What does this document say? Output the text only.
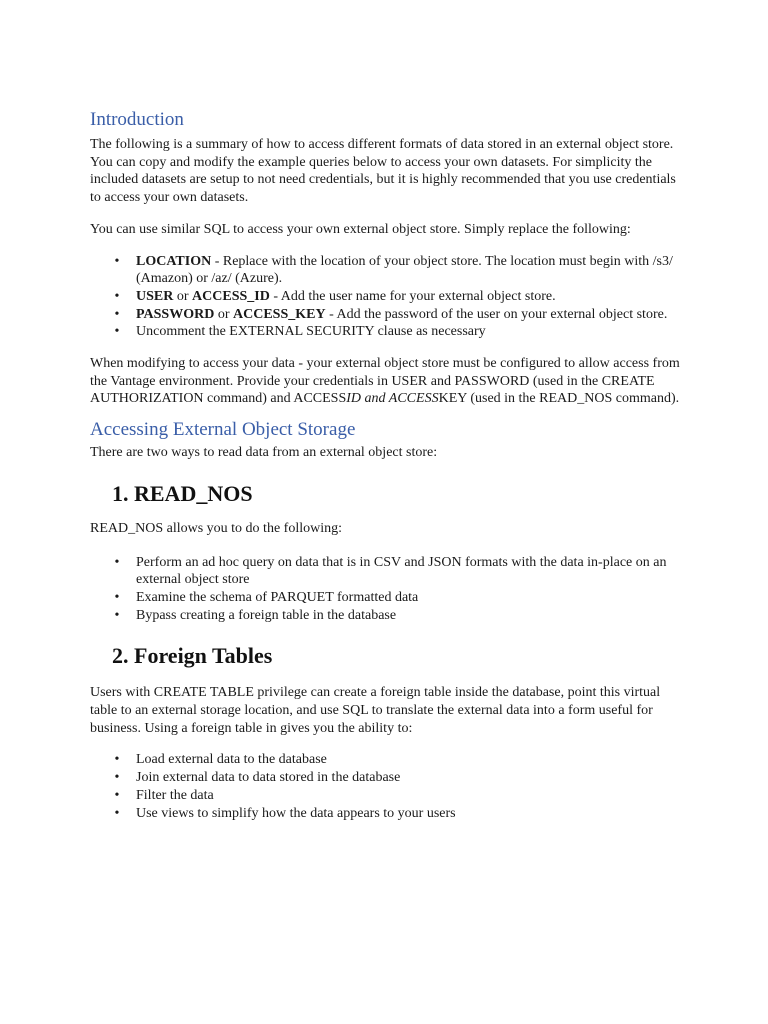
Introduction

The following is a summary of how to access different formats of data stored in an external object store. You can copy and modify the example queries below to access your own datasets. For simplicity the included datasets are setup to not need credentials, but it is highly recommended that you use credentials to access your own datasets.

You can use similar SQL to access your own external object store. Simply replace the following:

• LOCATION - Replace with the location of your object store. The location must begin with /s3/ (Amazon) or /az/ (Azure).
• USER or ACCESS_ID - Add the user name for your external object store.
• PASSWORD or ACCESS_KEY - Add the password of the user on your external object store.
• Uncomment the EXTERNAL SECURITY clause as necessary

When modifying to access your data - your external object store must be configured to allow access from the Vantage environment. Provide your credentials in USER and PASSWORD (used in the CREATE AUTHORIZATION command) and ACCESSID and ACCESSKEY (used in the READ_NOS command).

Accessing External Object Storage

There are two ways to read data from an external object store:

1. READ_NOS

READ_NOS allows you to do the following:

• Perform an ad hoc query on data that is in CSV and JSON formats with the data in-place on an external object store
• Examine the schema of PARQUET formatted data
• Bypass creating a foreign table in the database
2. Foreign Tables

Users with CREATE TABLE privilege can create a foreign table inside the database, point this virtual table to an external storage location, and use SQL to translate the external data into a form useful for business. Using a foreign table in gives you the ability to:

• Load external data to the database
• Join external data to data stored in the database
• Filter the data
• Use views to simplify how the data appears to your users
